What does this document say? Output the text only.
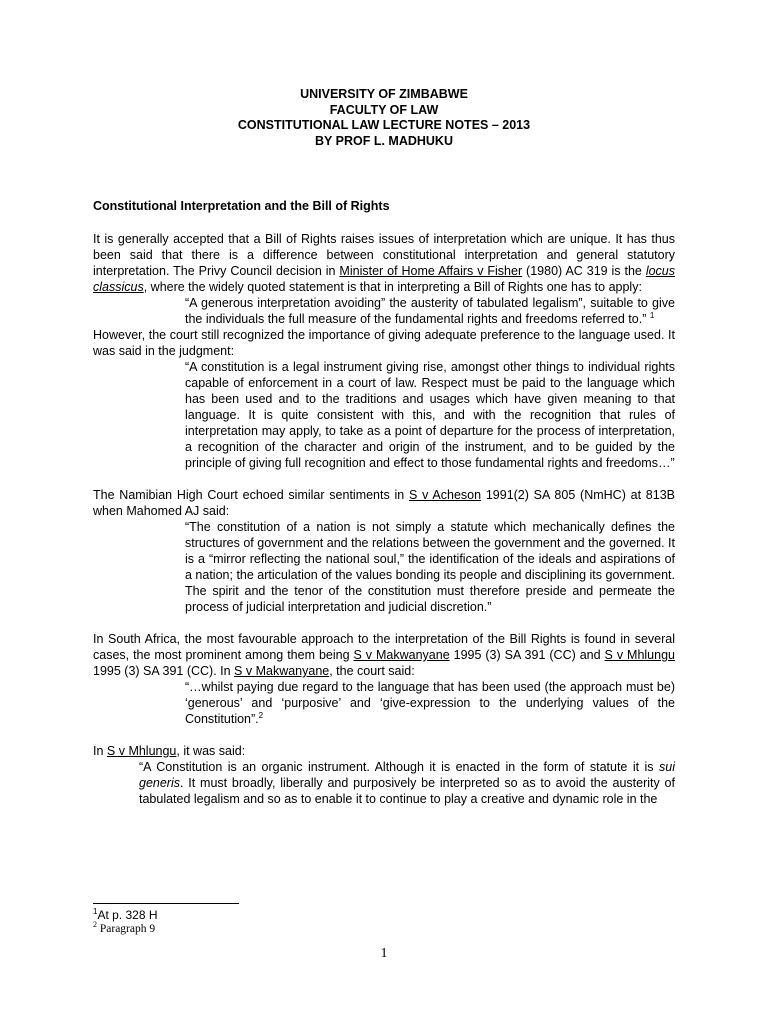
UNIVERSITY OF ZIMBABWE
FACULTY OF LAW
CONSTITUTIONAL LAW LECTURE NOTES – 2013
BY PROF L. MADHUKU
Constitutional Interpretation and the Bill of Rights

It is generally accepted that a Bill of Rights raises issues of interpretation which are unique. It has thus been said that there is a difference between constitutional interpretation and general statutory interpretation. The Privy Council decision in Minister of Home Affairs v Fisher (1980) AC 319 is the locus classicus, where the widely quoted statement is that in interpreting a Bill of Rights one has to apply:

“A generous interpretation avoiding” the austerity of tabulated legalism”, suitable to give the individuals the full measure of the fundamental rights and freedoms referred to.” $^1$

However, the court still recognized the importance of giving adequate preference to the language used. It was said in the judgment:

“A constitution is a legal instrument giving rise, amongst other things to individual rights capable of enforcement in a court of law. Respect must be paid to the language which has been used and to the traditions and usages which have given meaning to that language. It is quite consistent with this, and with the recognition that rules of interpretation may apply, to take as a point of departure for the process of interpretation, a recognition of the character and origin of the instrument, and to be guided by the principle of giving full recognition and effect to those fundamental rights and freedoms…”

The Namibian High Court echoed similar sentiments in S v Acheson 1991(2) SA 805 (NmHC) at 813B when Mahomed AJ said:

“The constitution of a nation is not simply a statute which mechanically defines the structures of government and the relations between the government and the governed. It is a “mirror reflecting the national soul,” the identification of the ideals and aspirations of a nation; the articulation of the values bonding its people and disciplining its government. The spirit and the tenor of the constitution must therefore preside and permeate the process of judicial interpretation and judicial discretion.”

In South Africa, the most favourable approach to the interpretation of the Bill Rights is found in several cases, the most prominent among them being S v Makwanyane 1995 (3) SA 391 (CC) and S v Mhlungu 1995 (3) SA 391 (CC). In S v Makwanyane, the court said:

“…whilst paying due regard to the language that has been used (the approach must be) ‘generous’ and ‘purposive’ and ‘give-expression to the underlying values of the Constitution”.$^2$

In S v Mhlungu, it was said:

“A Constitution is an organic instrument. Although it is enacted in the form of statute it is sui generis. It must broadly, liberally and purposively be interpreted so as to avoid the austerity of tabulated legalism and so as to enable it to continue to play a creative and dynamic role in the

$^1$At p. 328 H
$^2$ Paragraph 9
1
